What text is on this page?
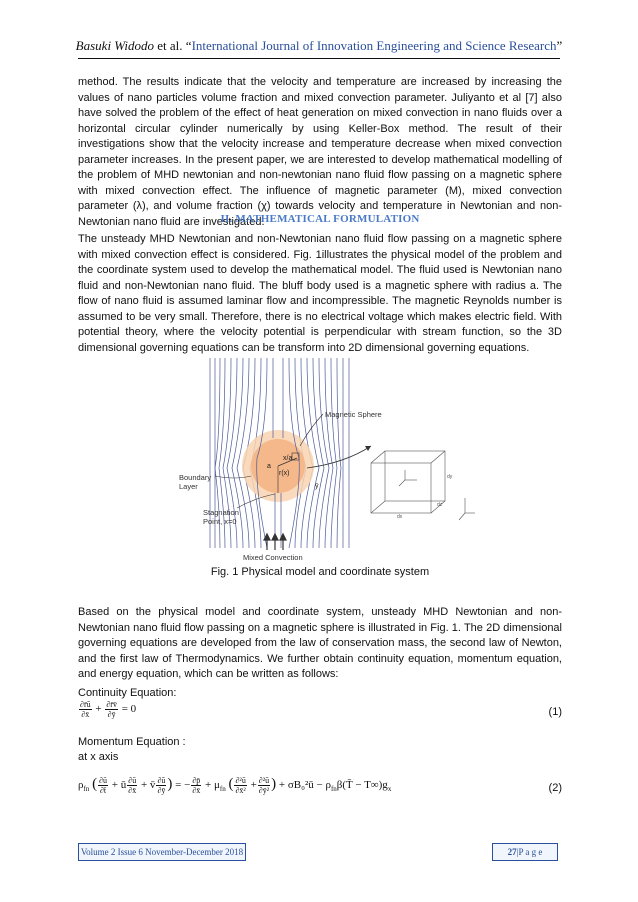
Basuki Widodo et al. “International Journal of Innovation Engineering and Science Research”

method. The results indicate that the velocity and temperature are increased by increasing the values of nano particles volume fraction and mixed convection parameter. Juliyanto et al [7] also have solved the problem of the effect of heat generation on mixed convection in nano fluids over a horizontal circular cylinder numerically by using Keller-Box method. The result of their investigations show that the velocity increase and temperature decrease when mixed convection parameter increases. In the present paper, we are interested to develop mathematical modelling of the problem of MHD newtonian and non-newtonian nano fluid flow passing on a magnetic sphere with mixed convection effect. The influence of magnetic parameter (M), mixed convection parameter (λ), and volume fraction (χ) towards velocity and temperature in Newtonian and non-Newtonian nano fluid are investigated.

II. MATHEMATICAL FORMULATION

The unsteady MHD Newtonian and non-Newtonian nano fluid flow passing on a magnetic sphere with mixed convection effect is considered. Fig. 1illustrates the physical model of the problem and the coordinate system used to develop the mathematical model. The fluid used is Newtonian nano fluid and non-Newtonian nano fluid. The bluff body used is a magnetic sphere with radius a. The flow of nano fluid is assumed laminar flow and incompressible. The magnetic Reynolds number is assumed to be very small. Therefore, there is no electrical voltage which makes electric field. With potential theory, where the velocity potential is perpendicular with stream function, so the 3D dimensional governing equations can be transform into 2D dimensional governing equations.

a
x/a
r(x)
ȳ
Magnetic Sphere
Boundary
Layer
Stagnation
Point, x=0
Mixed Convection
dy
dz
dx
Fig. 1 Physical model and coordinate system

Based on the physical model and coordinate system, unsteady MHD Newtonian and non-Newtonian nano fluid flow passing on a magnetic sphere is illustrated in Fig. 1. The 2D dimensional governing equations are developed from the law of conservation mass, the second law of Newton, and the first law of Thermodynamics. We further obtain continuity equation, momentum equation, and energy equation, which can be written as follows:

Continuity Equation:
$\frac{\partial r̄ū}{\partial x̄} + \frac{\partial r̄v̄}{\partial ȳ} = 0$	(1)
Momentum Equation :
at x axis
$\rho_{fn}$ ( $\frac{\partial ū}{\partial t̄}$ + ū $\frac{\partial ū}{\partial x̄}$ + v̄ $\frac{\partial ū}{\partial ȳ}$ ) = − $\frac{\partial p̄}{\partial x̄} + \mu_{fn}$ ( $\frac{\text{∂²ū}}{\text{∂x̄²}} + \frac{\text{∂²ū}}{\text{∂ȳ²}}$ ) + σB₀²ū − $\rho_{fn}\beta(T̄ - T\infty)g_x$	(2)
Volume 2 Issue 6 November-December 2018	27|P a g e
